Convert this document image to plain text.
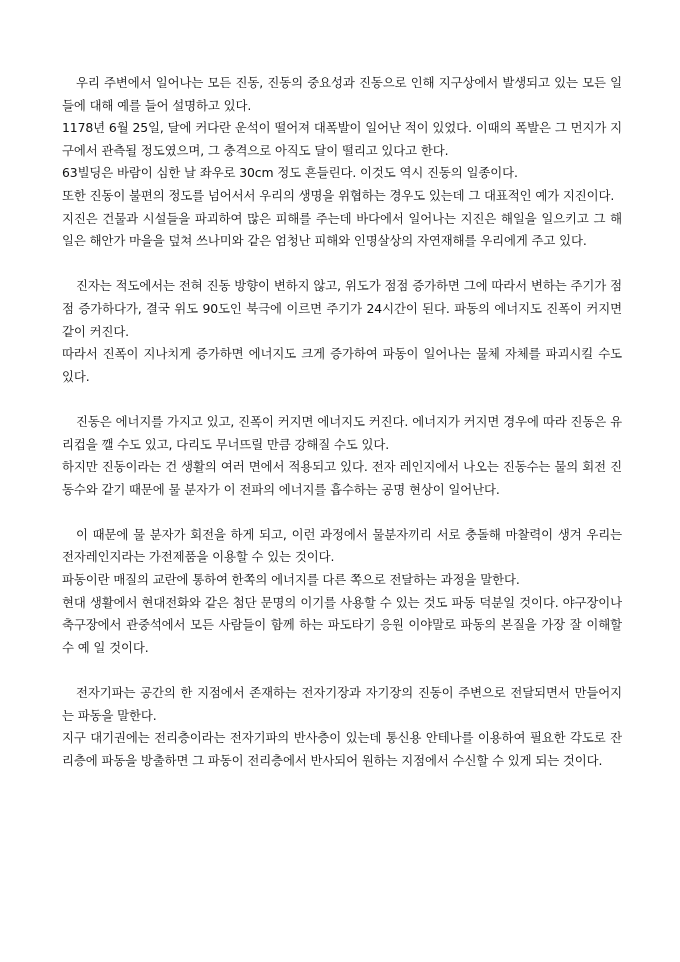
우리 주변에서 일어나는 모든 진동, 진동의 중요성과 진동으로 인해 지구상에서 발생되고 있는 모든 일들에 대해 예를 들어 설명하고 있다.

1178년 6월 25일, 달에 커다란 운석이 떨어져 대폭발이 일어난 적이 있었다. 이때의 폭발은 그 먼지가 지구에서 관측될 정도였으며, 그 충격으로 아직도 달이 떨리고 있다고 한다.

63빌딩은 바람이 심한 날 좌우로 30cm 정도 흔들린다. 이것도 역시 진동의 일종이다.

또한 진동이 불편의 정도를 넘어서서 우리의 생명을 위협하는 경우도 있는데 그 대표적인 예가 지진이다.

지진은 건물과 시설들을 파괴하여 많은 피해를 주는데 바다에서 일어나는 지진은 해일을 일으키고 그 해일은 해안가 마을을 덮쳐 쓰나미와 같은 엄청난 피해와 인명살상의 자연재해를 우리에게 주고 있다.

진자는 적도에서는 전혀 진동 방향이 변하지 않고, 위도가 점점 증가하면 그에 따라서 변하는 주기가 점점 증가하다가, 결국 위도 90도인 북극에 이르면 주기가 24시간이 된다. 파동의 에너지도 진폭이 커지면 같이 커진다.

따라서 진폭이 지나치게 증가하면 에너지도 크게 증가하여 파동이 일어나는 물체 자체를 파괴시킬 수도 있다.

진동은 에너지를 가지고 있고, 진폭이 커지면 에너지도 커진다. 에너지가 커지면 경우에 따라 진동은 유리컵을 깰 수도 있고, 다리도 무너뜨릴 만큼 강해질 수도 있다.

하지만 진동이라는 건 생활의 여러 면에서 적용되고 있다. 전자 레인지에서 나오는 진동수는 물의 회전 진동수와 같기 때문에 물 분자가 이 전파의 에너지를 흡수하는 공명 현상이 일어난다.

이 때문에 물 분자가 회전을 하게 되고, 이런 과정에서 물분자끼리 서로 충돌해 마찰력이 생겨 우리는 전자레인지라는 가전제품을 이용할 수 있는 것이다.

파동이란 매질의 교란에 통하여 한쪽의 에너지를 다른 쪽으로 전달하는 과정을 말한다.

현대 생활에서 현대전화와 같은 첨단 문명의 이기를 사용할 수 있는 것도 파동 덕분일 것이다. 야구장이나 축구장에서 관중석에서 모든 사람들이 함께 하는 파도타기 응원 이야말로 파동의 본질을 가장 잘 이해할 수 예 일 것이다.

전자기파는 공간의 한 지점에서 존재하는 전자기장과 자기장의 진동이 주변으로 전달되면서 만들어지는 파동을 말한다.

지구 대기권에는 전리층이라는 전자기파의 반사층이 있는데 통신용 안테나를 이용하여 필요한 각도로 잔리층에 파동을 방출하면 그 파동이 전리층에서 반사되어 원하는 지점에서 수신할 수 있게 되는 것이다.
